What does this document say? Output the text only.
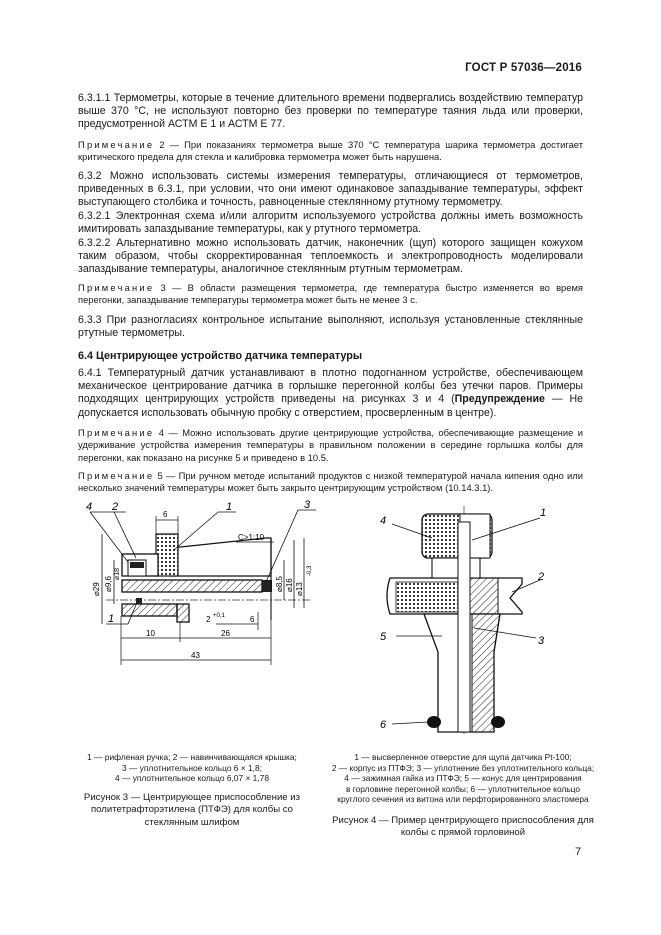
ГОСТ Р 57036—2016
6.3.1.1 Термометры, которые в течение длительного времени подвергались воздействию температур выше 370 °С, не используют повторно без проверки по температуре таяния льда или проверки, предусмотренной АСТМ Е 1 и АСТМ Е 77.
Примечание 2 — При показаниях термометра выше 370 °С температура шарика термометра достигает критического предела для стекла и калибровка термометра может быть нарушена.
6.3.2 Можно использовать системы измерения температуры, отличающиеся от термометров, приведенных в 6.3.1, при условии, что они имеют одинаковое запаздывание температуры, эффект выступающего столбика и точность, равноценные стеклянному ртутному термометру.
6.3.2.1 Электронная схема и/или алгоритм используемого устройства должны иметь возможность имитировать запаздывание температуры, как у ртутного термометра.
6.3.2.2 Альтернативно можно использовать датчик, наконечник (щуп) которого защищен кожухом таким образом, чтобы скорректированная теплоемкость и электропроводность моделировали запаздывание температуры, аналогичное стеклянным ртутным термометрам.
Примечание 3 — В области размещения термометра, где температура быстро изменяется во время перегонки, запаздывание температуры термометра может быть не менее 3 с.
6.3.3 При разногласиях контрольное испытание выполняют, используя установленные стеклянные ртутные термометры.
6.4 Центрирующее устройство датчика температуры
6.4.1 Температурный датчик устанавливают в плотно подогнанном устройстве, обеспечивающем механическое центрирование датчика в горлышке перегонной колбы без утечки паров. Примеры подходящих центрирующих устройств приведены на рисунках 3 и 4 (Предупреждение — Не допускается использовать обычную пробку с отверстием, просверленным в центре).
Примечание 4 — Можно использовать другие центрирующие устройства, обеспечивающие размещение и удерживание устройства измерения температуры в правильном положении в середине горлышка колбы для перегонки, как показано на рисунке 5 и приведено в 10.5.
Примечание 5 — При ручном методе испытаний продуктов с низкой температурой начала кипения одно или несколько значений температуры может быть закрыто центрирующим устройством (10.14.3.1).
4 2	1	3
1
6
C>1:10
⌀29 ⌀9,6
⌀18
⌀8,5 ⌀16 ⌀13
-0,3
2 +0,1	6
10	26
43
1
4
2
5	3
6
1 — рифленая ручка; 2 — навинчивающаяся крышка;
3 — уплотнительное кольцо 6 × 1,8;
4 — уплотнительное кольцо 6,07 × 1,78
Рисунок 3 — Центрирующее приспособление из политетрафторэтилена (ПТФЭ) для колбы со стеклянным шлифом
1 — высверленное отверстие для щупа датчика Pt-100;
2 — корпус из ПТФЭ; 3 — уплотнение без уплотнительного кольца;
4 — зажимная гайка из ПТФЭ; 5 — конус для центрирования
в горловине перегонной колбы; 6 — уплотнительное кольцо
круглого сечения из витона или перфторированного эластомера
Рисунок 4 — Пример центрирующего приспособления для колбы с прямой горловиной
7
